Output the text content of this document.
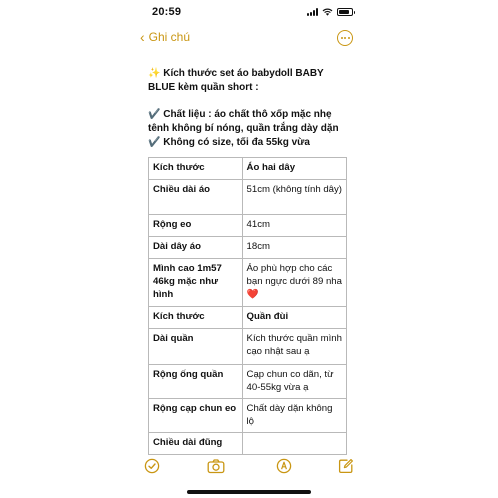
20:59
‹ Ghi chú

✨ Kích thước set áo babydoll BABY

BLUE kèm quần short :

✔️ Chất liệu : áo chất thô xốp mặc nhẹ

tênh không bí nóng, quần trắng dày dặn

✔️ Không có size, tối đa 55kg vừa

Kích thước	Áo hai dây
Chiều dài áo	51cm (không tính dây)
Rộng eo	41cm
Dài dây áo	18cm
Mình cao 1m57 46kg mặc như hình	Áo phù hợp cho các bạn ngực dưới 89 nha ❤️
Kích thước	Quần đùi
Dài quần	Kích thước quần mình cạo nhật sau ạ
Rộng ống quần	Cạp chun co dãn, từ 40-55kg vừa ạ
Rộng cạp chun eo	Chất dày dặn không lộ
Chiều dài đũng	
